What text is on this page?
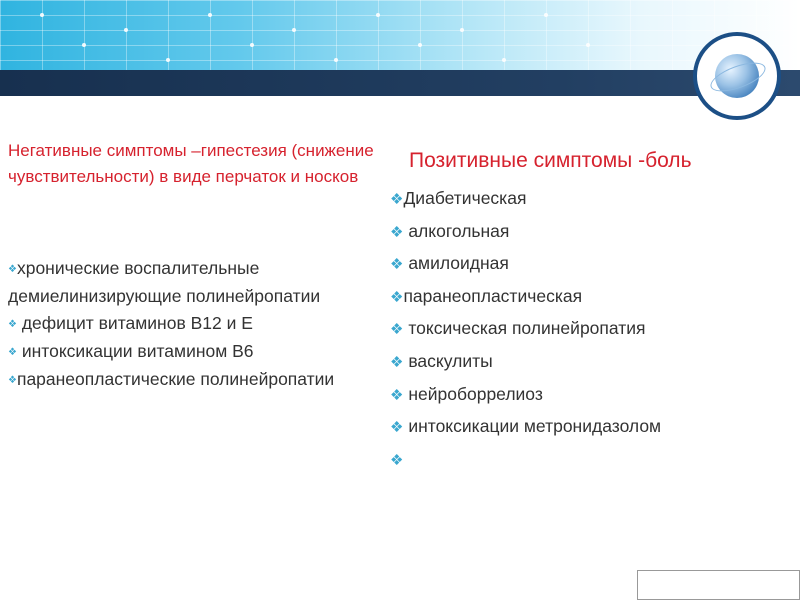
Негативные симптомы –гипестезия (снижение чувствительности) в виде перчаток и носков
❖хронические воспалительные демиелинизирующие полинейропатии
❖ дефицит витаминов В12 и Е
❖ интоксикации витамином В6
❖паранеопластические полинейропатии
Позитивные симптомы -боль
❖Диабетическая
❖ алкогольная
❖ амилоидная
❖паранеопластическая
❖ токсическая полинейропатия
❖ васкулиты
❖ нейроборрелиоз
❖ интоксикации метронидазолом
❖
